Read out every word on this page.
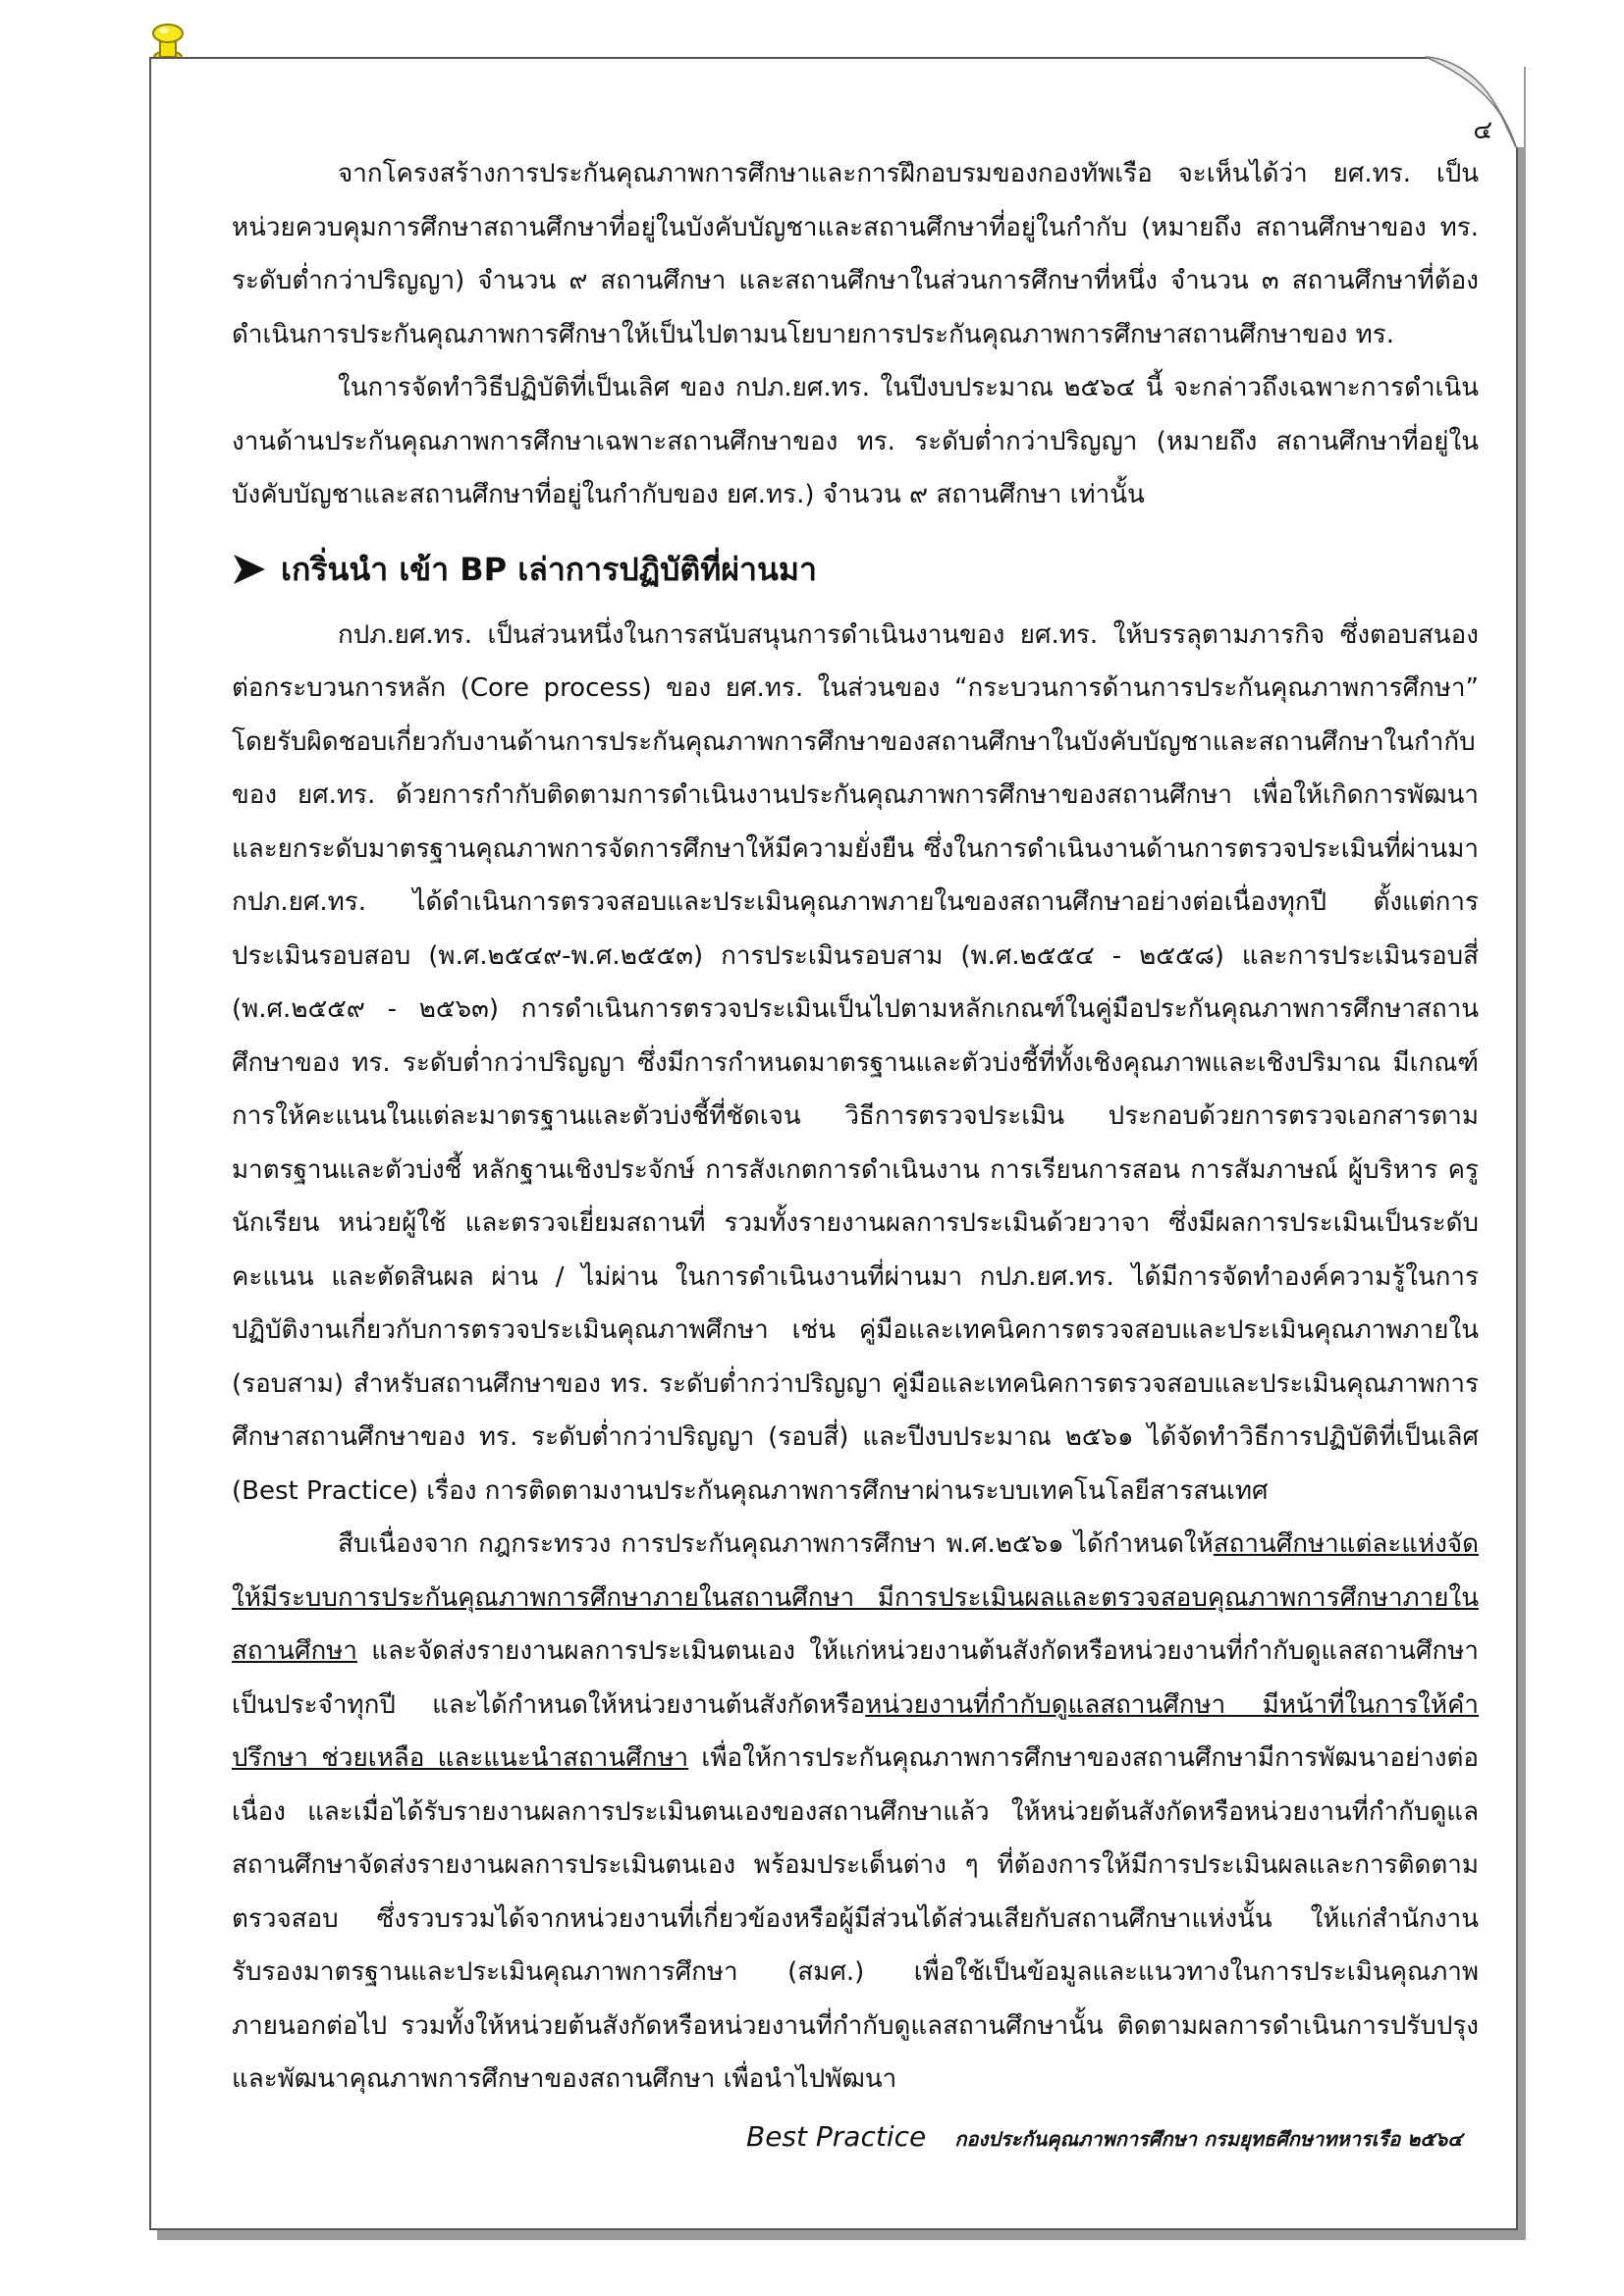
๔

จากโครงสร้างการประกันคุณภาพการศึกษาและการฝึกอบรมของกองทัพเรือ จะเห็นได้ว่า ยศ.ทร. เป็นหน่วยควบคุมการศึกษาสถานศึกษาที่อยู่ในบังคับบัญชาและสถานศึกษาที่อยู่ในกำกับ (หมายถึง สถานศึกษาของ ทร. ระดับต่ำกว่าปริญญา) จำนวน ๙ สถานศึกษา และสถานศึกษาในส่วนการศึกษาที่หนึ่ง จำนวน ๓ สถานศึกษาที่ต้องดำเนินการประกันคุณภาพการศึกษาให้เป็นไปตามนโยบายการประกันคุณภาพการศึกษาสถานศึกษาของ ทร.

ในการจัดทำวิธีปฏิบัติที่เป็นเลิศ ของ กปภ.ยศ.ทร. ในปีงบประมาณ ๒๕๖๔ นี้ จะกล่าวถึงเฉพาะการดำเนินงานด้านประกันคุณภาพการศึกษาเฉพาะสถานศึกษาของ ทร. ระดับต่ำกว่าปริญญา (หมายถึง สถานศึกษาที่อยู่ในบังคับบัญชาและสถานศึกษาที่อยู่ในกำกับของ ยศ.ทร.) จำนวน ๙ สถานศึกษา เท่านั้น

เกริ่นนำ เข้า BP เล่าการปฏิบัติที่ผ่านมา

กปภ.ยศ.ทร. เป็นส่วนหนึ่งในการสนับสนุนการดำเนินงานของ ยศ.ทร. ให้บรรลุตามภารกิจ ซึ่งตอบสนองต่อกระบวนการหลัก (Core process) ของ ยศ.ทร. ในส่วนของ “กระบวนการด้านการประกันคุณภาพการศึกษา” โดยรับผิดชอบเกี่ยวกับงานด้านการประกันคุณภาพการศึกษาของสถานศึกษาในบังคับบัญชาและสถานศึกษาในกำกับของ ยศ.ทร. ด้วยการกำกับติดตามการดำเนินงานประกันคุณภาพการศึกษาของสถานศึกษา เพื่อให้เกิดการพัฒนาและยกระดับมาตรฐานคุณภาพการจัดการศึกษาให้มีความยั่งยืน ซึ่งในการดำเนินงานด้านการตรวจประเมินที่ผ่านมา กปภ.ยศ.ทร. ได้ดำเนินการตรวจสอบและประเมินคุณภาพภายในของสถานศึกษาอย่างต่อเนื่องทุกปี ตั้งแต่การประเมินรอบสอบ (พ.ศ.๒๕๔๙-พ.ศ.๒๕๕๓) การประเมินรอบสาม (พ.ศ.๒๕๕๔ - ๒๕๕๘) และการประเมินรอบสี่ (พ.ศ.๒๕๕๙ - ๒๕๖๓) การดำเนินการตรวจประเมินเป็นไปตามหลักเกณฑ์ในคู่มือประกันคุณภาพการศึกษาสถานศึกษาของ ทร. ระดับต่ำกว่าปริญญา ซึ่งมีการกำหนดมาตรฐานและตัวบ่งชี้ที่ทั้งเชิงคุณภาพและเชิงปริมาณ มีเกณฑ์การให้คะแนนในแต่ละมาตรฐานและตัวบ่งชี้ที่ชัดเจน วิธีการตรวจประเมิน ประกอบด้วยการตรวจเอกสารตามมาตรฐานและตัวบ่งชี้ หลักฐานเชิงประจักษ์ การสังเกตการดำเนินงาน การเรียนการสอน การสัมภาษณ์ ผู้บริหาร ครู นักเรียน หน่วยผู้ใช้ และตรวจเยี่ยมสถานที่ รวมทั้งรายงานผลการประเมินด้วยวาจา ซึ่งมีผลการประเมินเป็นระดับคะแนน และตัดสินผล ผ่าน / ไม่ผ่าน ในการดำเนินงานที่ผ่านมา กปภ.ยศ.ทร. ได้มีการจัดทำองค์ความรู้ในการปฏิบัติงานเกี่ยวกับการตรวจประเมินคุณภาพศึกษา เช่น คู่มือและเทคนิคการตรวจสอบและประเมินคุณภาพภายใน (รอบสาม) สำหรับสถานศึกษาของ ทร. ระดับต่ำกว่าปริญญา คู่มือและเทคนิคการตรวจสอบและประเมินคุณภาพการศึกษาสถานศึกษาของ ทร. ระดับต่ำกว่าปริญญา (รอบสี่) และปีงบประมาณ ๒๕๖๑ ได้จัดทำวิธีการปฏิบัติที่เป็นเลิศ (Best Practice) เรื่อง การติดตามงานประกันคุณภาพการศึกษาผ่านระบบเทคโนโลยีสารสนเทศ

สืบเนื่องจาก กฎกระทรวง การประกันคุณภาพการศึกษา พ.ศ.๒๕๖๑ ได้กำหนดให้สถานศึกษาแต่ละแห่งจัดให้มีระบบการประกันคุณภาพการศึกษาภายในสถานศึกษา มีการประเมินผลและตรวจสอบคุณภาพการศึกษาภายในสถานศึกษา และจัดส่งรายงานผลการประเมินตนเอง ให้แก่หน่วยงานต้นสังกัดหรือหน่วยงานที่กำกับดูแลสถานศึกษาเป็นประจำทุกปี และได้กำหนดให้หน่วยงานต้นสังกัดหรือหน่วยงานที่กำกับดูแลสถานศึกษา มีหน้าที่ในการให้คำปรึกษา ช่วยเหลือ และแนะนำสถานศึกษา เพื่อให้การประกันคุณภาพการศึกษาของสถานศึกษามีการพัฒนาอย่างต่อเนื่อง และเมื่อได้รับรายงานผลการประเมินตนเองของสถานศึกษาแล้ว ให้หน่วยต้นสังกัดหรือหน่วยงานที่กำกับดูแลสถานศึกษาจัดส่งรายงานผลการประเมินตนเอง พร้อมประเด็นต่าง ๆ ที่ต้องการให้มีการประเมินผลและการติดตามตรวจสอบ ซึ่งรวบรวมได้จากหน่วยงานที่เกี่ยวข้องหรือผู้มีส่วนได้ส่วนเสียกับสถานศึกษาแห่งนั้น ให้แก่สำนักงานรับรองมาตรฐานและประเมินคุณภาพการศึกษา (สมศ.) เพื่อใช้เป็นข้อมูลและแนวทางในการประเมินคุณภาพภายนอกต่อไป รวมทั้งให้หน่วยต้นสังกัดหรือหน่วยงานที่กำกับดูแลสถานศึกษานั้น ติดตามผลการดำเนินการปรับปรุงและพัฒนาคุณภาพการศึกษาของสถานศึกษา เพื่อนำไปพัฒนา

Best Practice กองประกันคุณภาพการศึกษา กรมยุทธศึกษาทหารเรือ ๒๕๖๔
